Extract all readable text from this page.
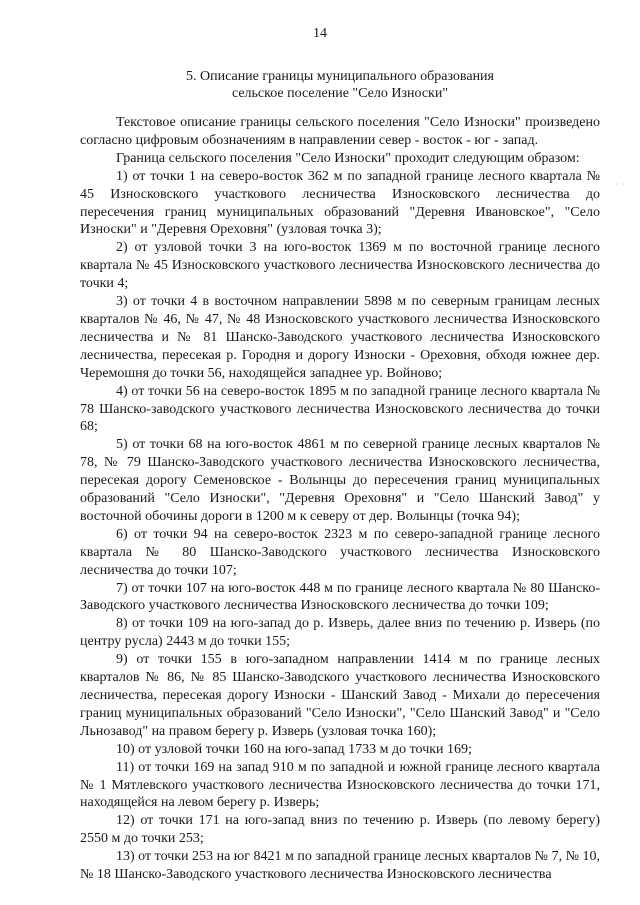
14
5. Описание границы муниципального образования
сельское поселение "Село Износки"

Текстовое описание границы сельского поселения "Село Износки" произведено согласно цифровым обозначениям в направлении север - восток - юг - запад.

Граница сельского поселения "Село Износки" проходит следующим образом:

1) от точки 1 на северо-восток 362 м по западной границе лесного квартала № 45 Износковского участкового лесничества Износковского лесничества до пересечения границ муниципальных образований "Деревня Ивановское", "Село Износки" и "Деревня Ореховня" (узловая точка 3);

2) от узловой точки 3 на юго-восток 1369 м по восточной границе лесного квартала № 45 Износковского участкового лесничества Износковского лесничества до точки 4;

3) от точки 4 в восточном направлении 5898 м по северным границам лесных кварталов № 46, № 47, № 48 Износковского участкового лесничества Износковского лесничества и № 81 Шанско-Заводского участкового лесничества Износковского лесничества, пересекая р. Городня и дорогу Износки - Ореховня, обходя южнее дер. Черемошня до точки 56, находящейся западнее ур. Войново;

4) от точки 56 на северо-восток 1895 м по западной границе лесного квартала № 78 Шанско-заводского участкового лесничества Износковского лесничества до точки 68;

5) от точки 68 на юго-восток 4861 м по северной границе лесных кварталов № 78, № 79 Шанско-Заводского участкового лесничества Износковского лесничества, пересекая дорогу Семеновское - Волынцы до пересечения границ муниципальных образований "Село Износки", "Деревня Ореховня" и "Село Шанский Завод" у восточной обочины дороги в 1200 м к северу от дер. Волынцы (точка 94);

6) от точки 94 на северо-восток 2323 м по северо-западной границе лесного квартала № 80 Шанско-Заводского участкового лесничества Износковского лесничества до точки 107;

7) от точки 107 на юго-восток 448 м по границе лесного квартала № 80 Шанско-Заводского участкового лесничества Износковского лесничества до точки 109;

8) от точки 109 на юго-запад до р. Изверь, далее вниз по течению р. Изверь (по центру русла) 2443 м до точки 155;

9) от точки 155 в юго-западном направлении 1414 м по границе лесных кварталов № 86, № 85 Шанско-Заводского участкового лесничества Износковского лесничества, пересекая дорогу Износки - Шанский Завод - Михали до пересечения границ муниципальных образований "Село Износки", "Село Шанский Завод" и "Село Льнозавод" на правом берегу р. Изверь (узловая точка 160);

10) от узловой точки 160 на юго-запад 1733 м до точки 169;

11) от точки 169 на запад 910 м по западной и южной границе лесного квартала № 1 Мятлевского участкового лесничества Износковского лесничества до точки 171, находящейся на левом берегу р. Изверь;

12) от точки 171 на юго-запад вниз по течению р. Изверь (по левому берегу) 2550 м до точки 253;

13) от точки 253 на юг 8421 м по западной границе лесных кварталов № 7, № 10, № 18 Шанско-Заводского участкового лесничества Износковского лесничества

· ·
